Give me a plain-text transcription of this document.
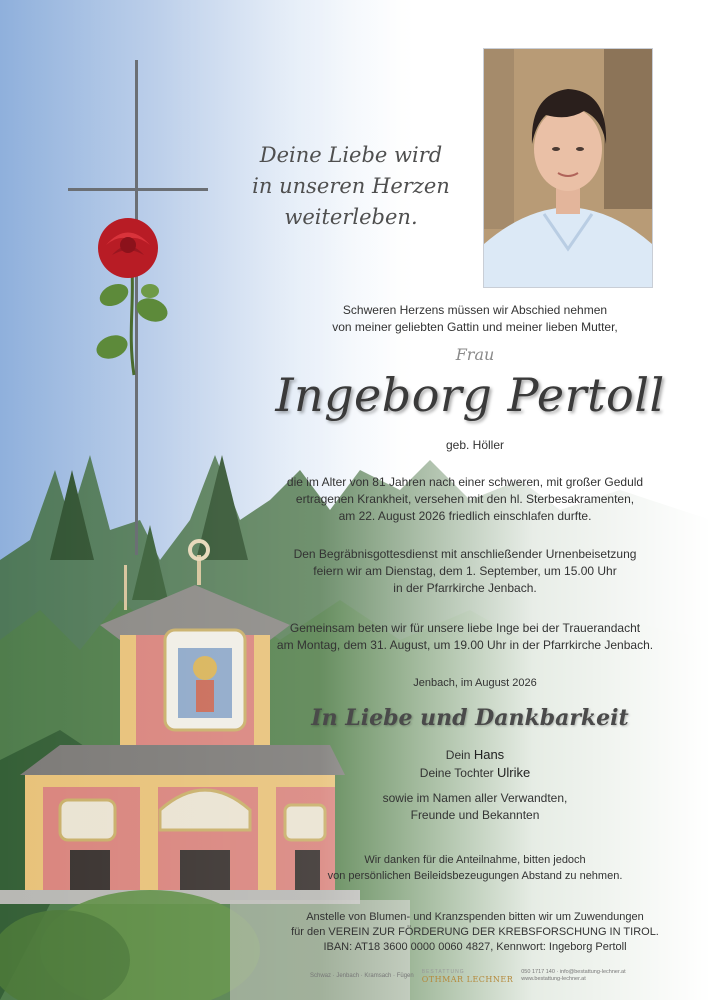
Deine Liebe wird
in unseren Herzen
weiterleben.
Schweren Herzens müssen wir Abschied nehmen
von meiner geliebten Gattin und meiner lieben Mutter,
Frau
Ingeborg Pertoll
geb. Höller
die im Alter von 81 Jahren nach einer schweren, mit großer Geduld
ertragenen Krankheit, versehen mit den hl. Sterbesakramenten,
am 22. August 2026 friedlich einschlafen durfte.
Den Begräbnisgottesdienst mit anschließender Urnenbeisetzung
feiern wir am Dienstag, dem 1. September, um 15.00 Uhr
in der Pfarrkirche Jenbach.
Gemeinsam beten wir für unsere liebe Inge bei der Trauerandacht
am Montag, dem 31. August, um 19.00 Uhr in der Pfarrkirche Jenbach.
Jenbach, im August 2026
In Liebe und Dankbarkeit
Dein Hans
Deine Tochter Ulrike
sowie im Namen aller Verwandten,
Freunde und Bekannten
Wir danken für die Anteilnahme, bitten jedoch
von persönlichen Beileidsbezeugungen Abstand zu nehmen.
Anstelle von Blumen- und Kranzspenden bitten wir um Zuwendungen
für den VEREIN ZUR FÖRDERUNG DER KREBSFORSCHUNG IN TIROL.
IBAN: AT18 3600 0000 0060 4827, Kennwort: Ingeborg Pertoll
Schwaz · Jenbach · Kramsach · Fügen
BESTATTUNG
OTHMAR LECHNER
050 1717 140 · info@bestattung-lechner.at
www.bestattung-lechner.at
